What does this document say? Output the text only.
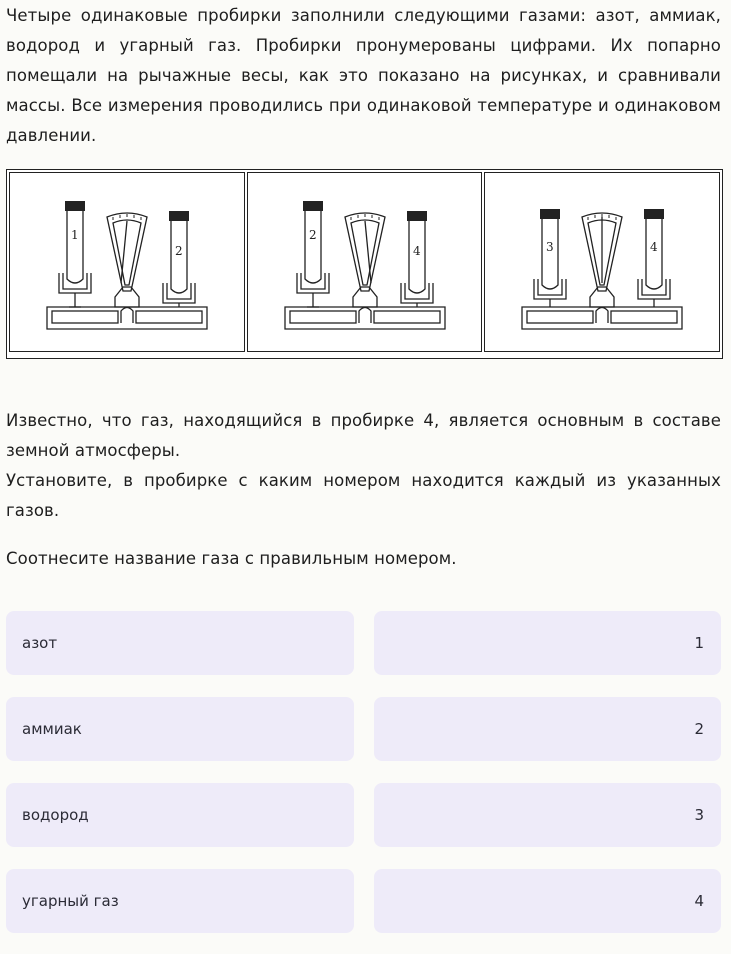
Четыре одинаковые пробирки заполнили следующими газами: азот, аммиак, водород и угарный газ. Пробирки пронумерованы цифрами. Их попарно помещали на рычажные весы, как это показано на рисунках, и сравнивали массы. Все измерения проводились при одинаковой температуре и одинаковом давлении.

1
2
2
4	3	4

Известно, что газ, находящийся в пробирке 4, является основным в составе земной атмосферы.
Установите, в пробирке с каким номером находится каждый из указанных газов.

Соотнесите название газа с правильным номером.

азот
аммиак
водород
угарный газ
1
2
3
4
